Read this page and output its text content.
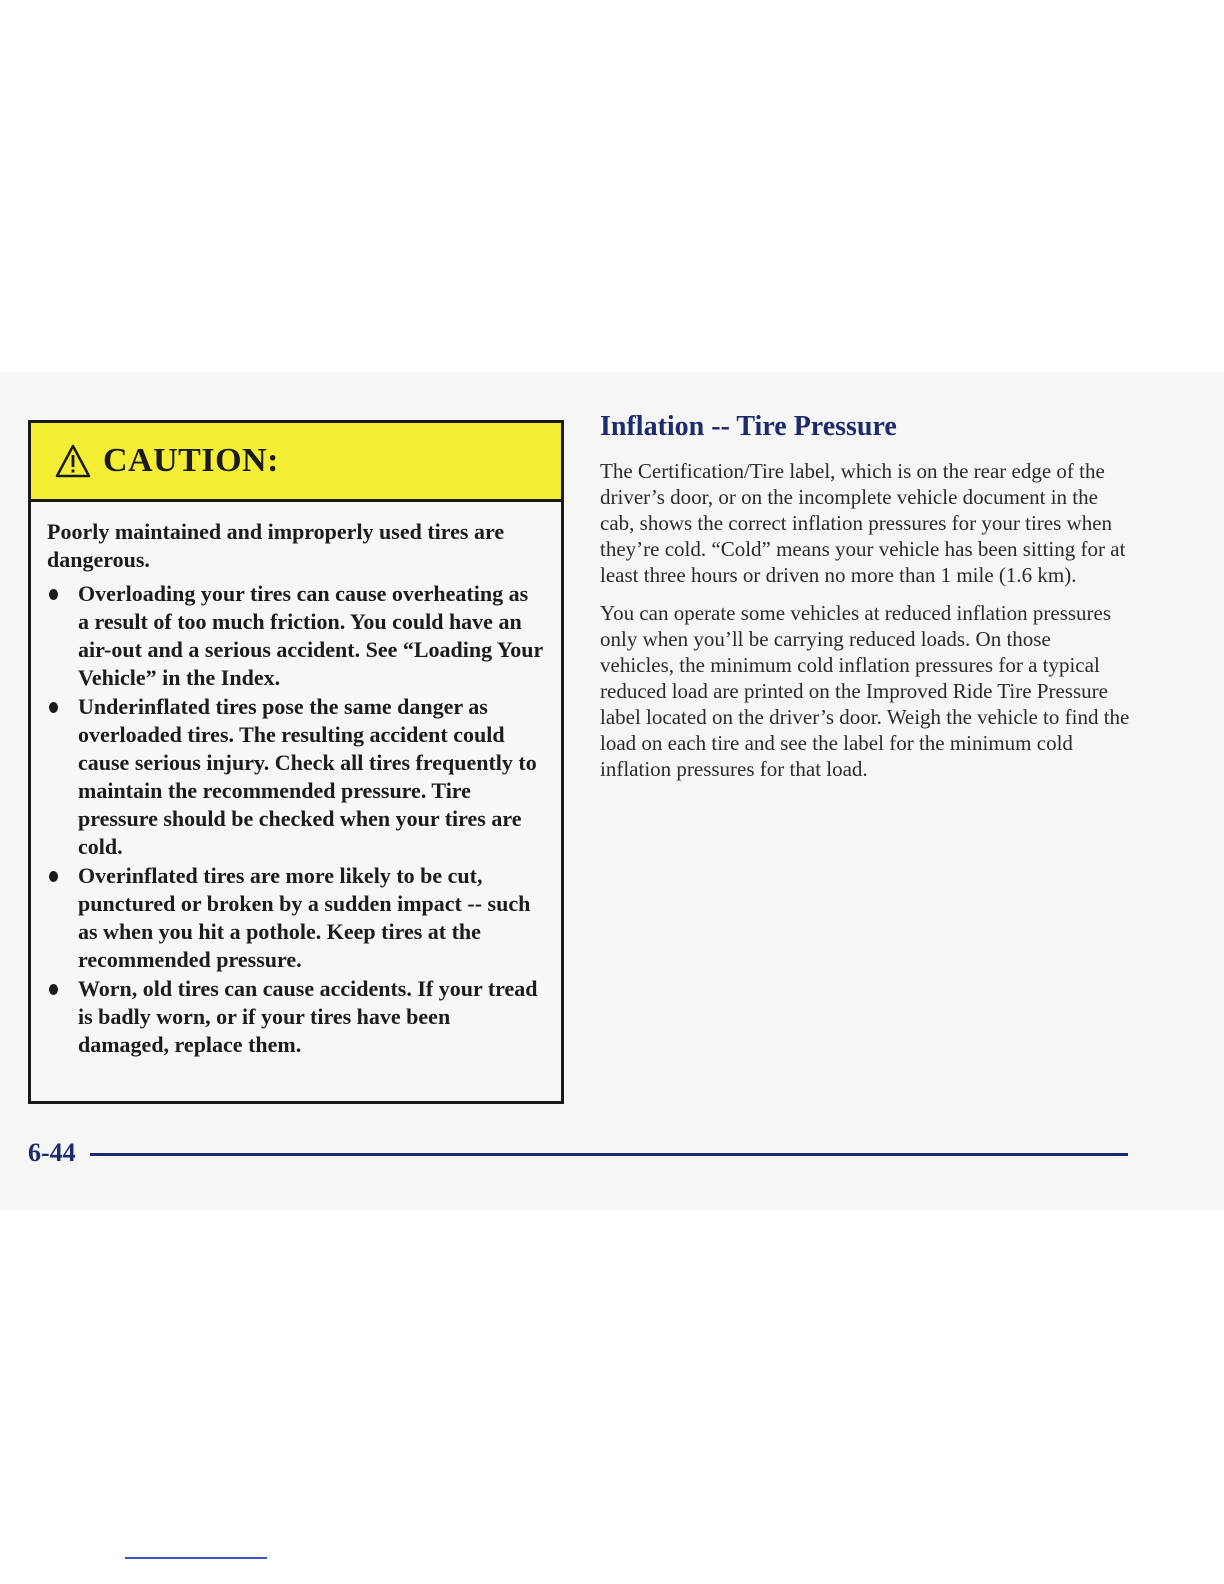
CAUTION:

Poorly maintained and improperly used tires are dangerous.

Overloading your tires can cause overheating as a result of too much friction. You could have an air-out and a serious accident. See “Loading Your Vehicle” in the Index.
Underinflated tires pose the same danger as overloaded tires. The resulting accident could cause serious injury. Check all tires frequently to maintain the recommended pressure. Tire pressure should be checked when your tires are cold.
Overinflated tires are more likely to be cut, punctured or broken by a sudden impact -- such as when you hit a pothole. Keep tires at the recommended pressure.
Worn, old tires can cause accidents. If your tread is badly worn, or if your tires have been damaged, replace them.
Inflation -- Tire Pressure

The Certification/Tire label, which is on the rear edge of the driver’s door, or on the incomplete vehicle document in the cab, shows the correct inflation pressures for your tires when they’re cold. “Cold” means your vehicle has been sitting for at least three hours or driven no more than 1 mile (1.6 km).

You can operate some vehicles at reduced inflation pressures only when you’ll be carrying reduced loads. On those vehicles, the minimum cold inflation pressures for a typical reduced load are printed on the Improved Ride Tire Pressure label located on the driver’s door. Weigh the vehicle to find the load on each tire and see the label for the minimum cold inflation pressures for that load.

6-44
